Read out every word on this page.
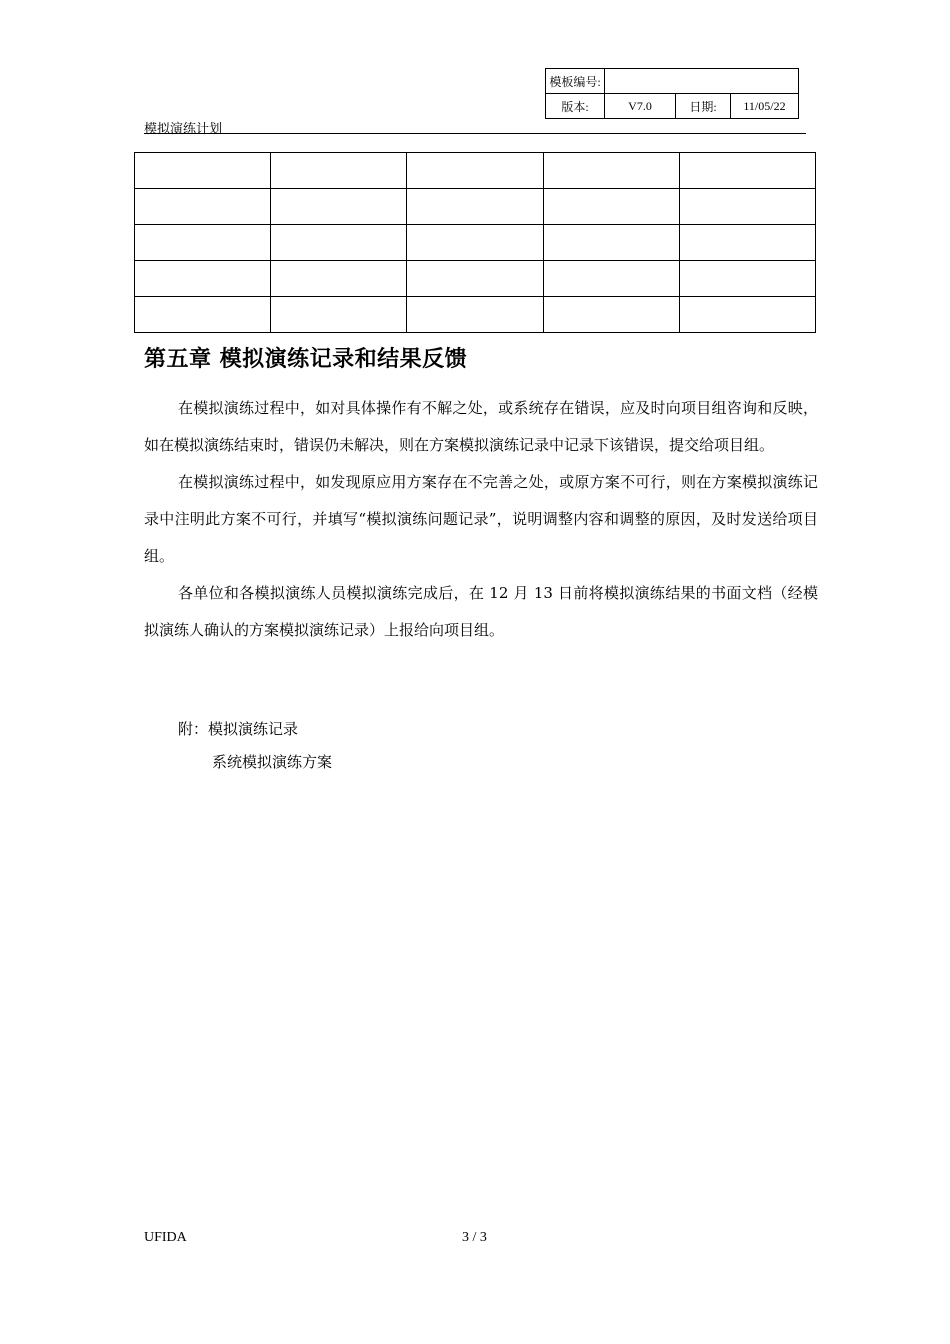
模板编号:			
版本:	V7.0	日期:	11/05/22
模拟演练计划

第五章 模拟演练记录和结果反馈

在模拟演练过程中，如对具体操作有不解之处，或系统存在错误，应及时向项目组咨询和反映，如在模拟演练结束时，错误仍未解决，则在方案模拟演练记录中记录下该错误，提交给项目组。

在模拟演练过程中，如发现原应用方案存在不完善之处，或原方案不可行，则在方案模拟演练记录中注明此方案不可行，并填写“模拟演练问题记录”，说明调整内容和调整的原因，及时发送给项目组。

各单位和各模拟演练人员模拟演练完成后，在 12 月 13 日前将模拟演练结果的书面文档（经模拟演练人确认的方案模拟演练记录）上报给向项目组。

附：模拟演练记录
系统模拟演练方案
UFIDA	3 / 3
